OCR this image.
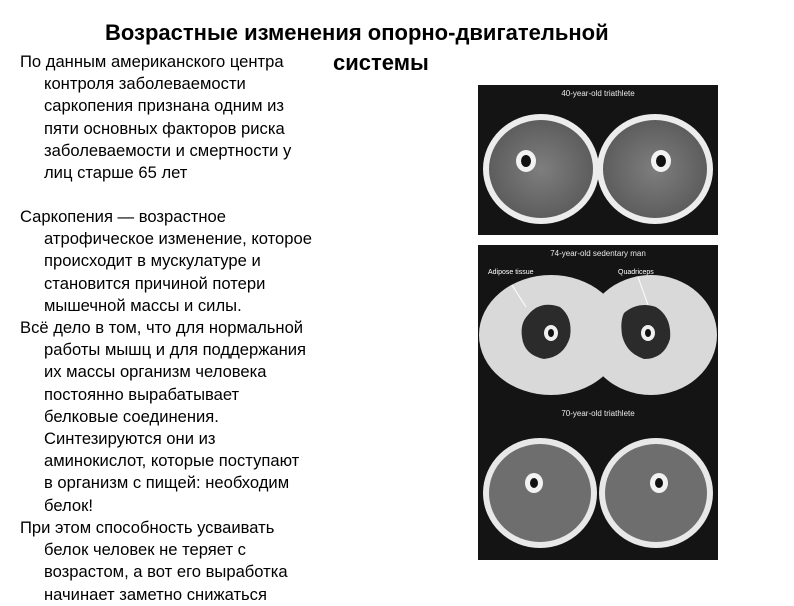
Возрастные изменения опорно-двигательной
системы

По данным американского центра
контроля заболеваемости
саркопения признана одним из
пяти основных факторов риска
заболеваемости и смертности у
лиц старше 65 лет

Саркопения — возрастное
атрофическое изменение, которое
происходит в мускулатуре и
становится причиной потери
мышечной массы и силы.

Всё дело в том, что для нормальной
работы мышц и для поддержания
их массы организм человека
постоянно вырабатывает
белковые соединения.
Синтезируются они из
аминокислот, которые поступают
в организм с пищей: необходим
белок!

При этом способность усваивать
белок человек не теряет с
возрастом, а вот его выработка
начинает заметно снижаться

40-year-old triathlete
74-year-old sedentary man
Adipose tissue	Quadriceps
70-year-old triathlete
